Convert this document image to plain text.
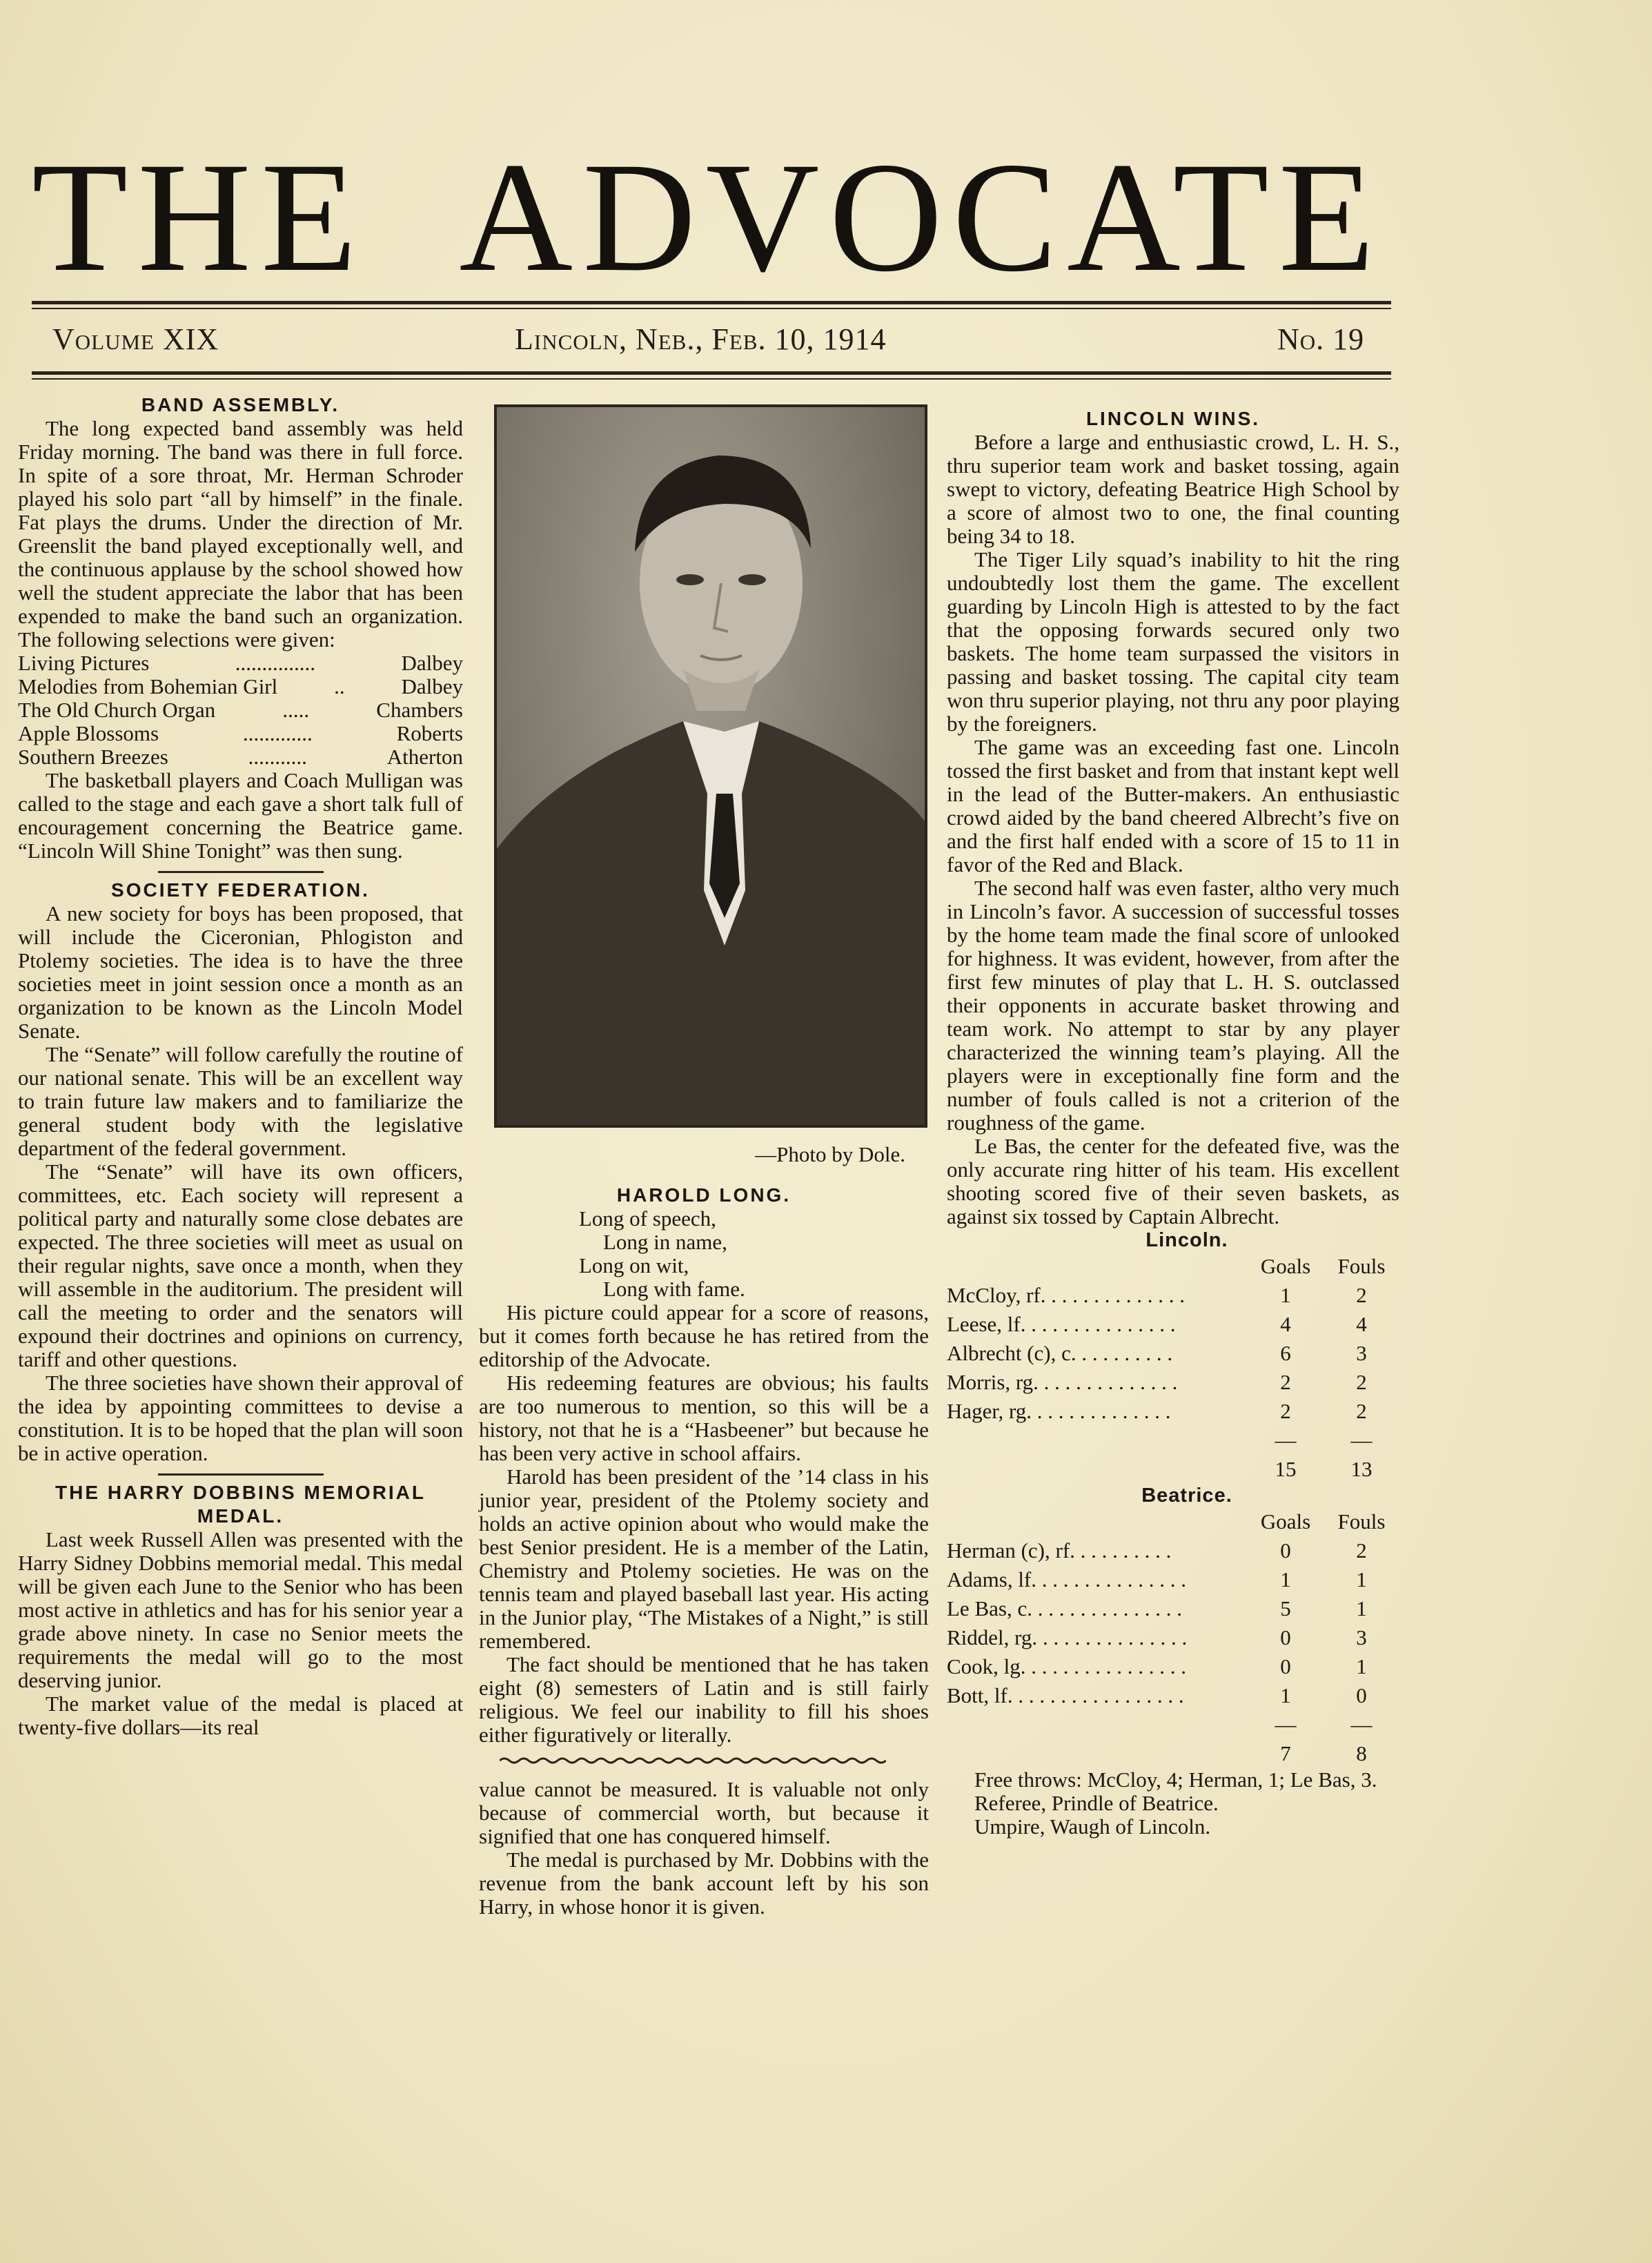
THE ADVOCATE
Volume XIX	Lincoln, Neb., Feb. 10, 1914	No. 19
BAND ASSEMBLY.

The long expected band assembly was held Friday morning. The band was there in full force. In spite of a sore throat, Mr. Herman Schroder played his solo part “all by himself” in the finale. Fat plays the drums. Under the direction of Mr. Greenslit the band played exceptionally well, and the continuous applause by the school showed how well the student appreciate the labor that has been expended to make the band such an organization. The following selections were given:

Living Pictures	...............	Dalbey
Melodies from Bohemian Girl	..	Dalbey
The Old Church Organ	.....	Chambers
Apple Blossoms	.............	Roberts
Southern Breezes	...........	Atherton

The basketball players and Coach Mulligan was called to the stage and each gave a short talk full of encouragement concerning the Beatrice game. “Lincoln Will Shine Tonight” was then sung.

SOCIETY FEDERATION.

A new society for boys has been proposed, that will include the Ciceronian, Phlogiston and Ptolemy societies. The idea is to have the three societies meet in joint session once a month as an organization to be known as the Lincoln Model Senate.

The “Senate” will follow carefully the routine of our national senate. This will be an excellent way to train future law makers and to familiarize the general student body with the legislative department of the federal government.

The “Senate” will have its own officers, committees, etc. Each society will represent a political party and naturally some close debates are expected. The three societies will meet as usual on their regular nights, save once a month, when they will assemble in the auditorium. The president will call the meeting to order and the senators will expound their doctrines and opinions on currency, tariff and other questions.

The three societies have shown their approval of the idea by appointing committees to devise a constitution. It is to be hoped that the plan will soon be in active operation.

THE HARRY DOBBINS MEMORIAL MEDAL.

Last week Russell Allen was presented with the Harry Sidney Dobbins memorial medal. This medal will be given each June to the Senior who has been most active in athletics and has for his senior year a grade above ninety. In case no Senior meets the requirements the medal will go to the most deserving junior.

The market value of the medal is placed at twenty-five dollars—its real

—Photo by Dole.
HAROLD LONG.

Long of speech,

Long in name,

Long on wit,

Long with fame.

His picture could appear for a score of reasons, but it comes forth because he has retired from the editorship of the Advocate.

His redeeming features are obvious; his faults are too numerous to mention, so this will be a history, not that he is a “Hasbeener” but because he has been very active in school affairs.

Harold has been president of the ’14 class in his junior year, president of the Ptolemy society and holds an active opinion about who would make the best Senior president. He is a member of the Latin, Chemistry and Ptolemy societies. He was on the tennis team and played baseball last year. His acting in the Junior play, “The Mistakes of a Night,” is still remembered.

The fact should be mentioned that he has taken eight (8) semesters of Latin and is still fairly religious. We feel our inability to fill his shoes either figuratively or literally.

value cannot be measured. It is valuable not only because of commercial worth, but because it signified that one has conquered himself.

The medal is purchased by Mr. Dobbins with the revenue from the bank account left by his son Harry, in whose honor it is given.

LINCOLN WINS.

Before a large and enthusiastic crowd, L. H. S., thru superior team work and basket tossing, again swept to victory, defeating Beatrice High School by a score of almost two to one, the final counting being 34 to 18.

The Tiger Lily squad’s inability to hit the ring undoubtedly lost them the game. The excellent guarding by Lincoln High is attested to by the fact that the opposing forwards secured only two baskets. The home team surpassed the visitors in passing and basket tossing. The capital city team won thru superior playing, not thru any poor playing by the foreigners.

The game was an exceeding fast one. Lincoln tossed the first basket and from that instant kept well in the lead of the Butter-makers. An enthusiastic crowd aided by the band cheered Albrecht’s five on and the first half ended with a score of 15 to 11 in favor of the Red and Black.

The second half was even faster, altho very much in Lincoln’s favor. A succession of successful tosses by the home team made the final score of unlooked for highness. It was evident, however, from after the first few minutes of play that L. H. S. outclassed their opponents in accurate basket throwing and team work. No attempt to star by any player characterized the winning team’s playing. All the players were in exceptionally fine form and the number of fouls called is not a criterion of the roughness of the game.

Le Bas, the center for the defeated five, was the only accurate ring hitter of his team. His excellent shooting scored five of their seven baskets, as against six tossed by Captain Albrecht.

Lincoln.

	Goals	Fouls
McCloy, rf. . . . . . . . . . . . . .	1	2
Leese, lf. . . . . . . . . . . . . . .	4	4
Albrecht (c), c. . . . . . . . . .	6	3
Morris, rg. . . . . . . . . . . . . .	2	2
Hager, rg. . . . . . . . . . . . . .	2	2
	—	—
	15	13

Beatrice.

	Goals	Fouls
Herman (c), rf. . . . . . . . . .	0	2
Adams, lf. . . . . . . . . . . . . . .	1	1
Le Bas, c. . . . . . . . . . . . . . .	5	1
Riddel, rg. . . . . . . . . . . . . . .	0	3
Cook, lg. . . . . . . . . . . . . . . .	0	1
Bott, lf. . . . . . . . . . . . . . . . .	1	0
	—	—
	7	8

Free throws: McCloy, 4; Herman, 1; Le Bas, 3.

Referee, Prindle of Beatrice.

Umpire, Waugh of Lincoln.
